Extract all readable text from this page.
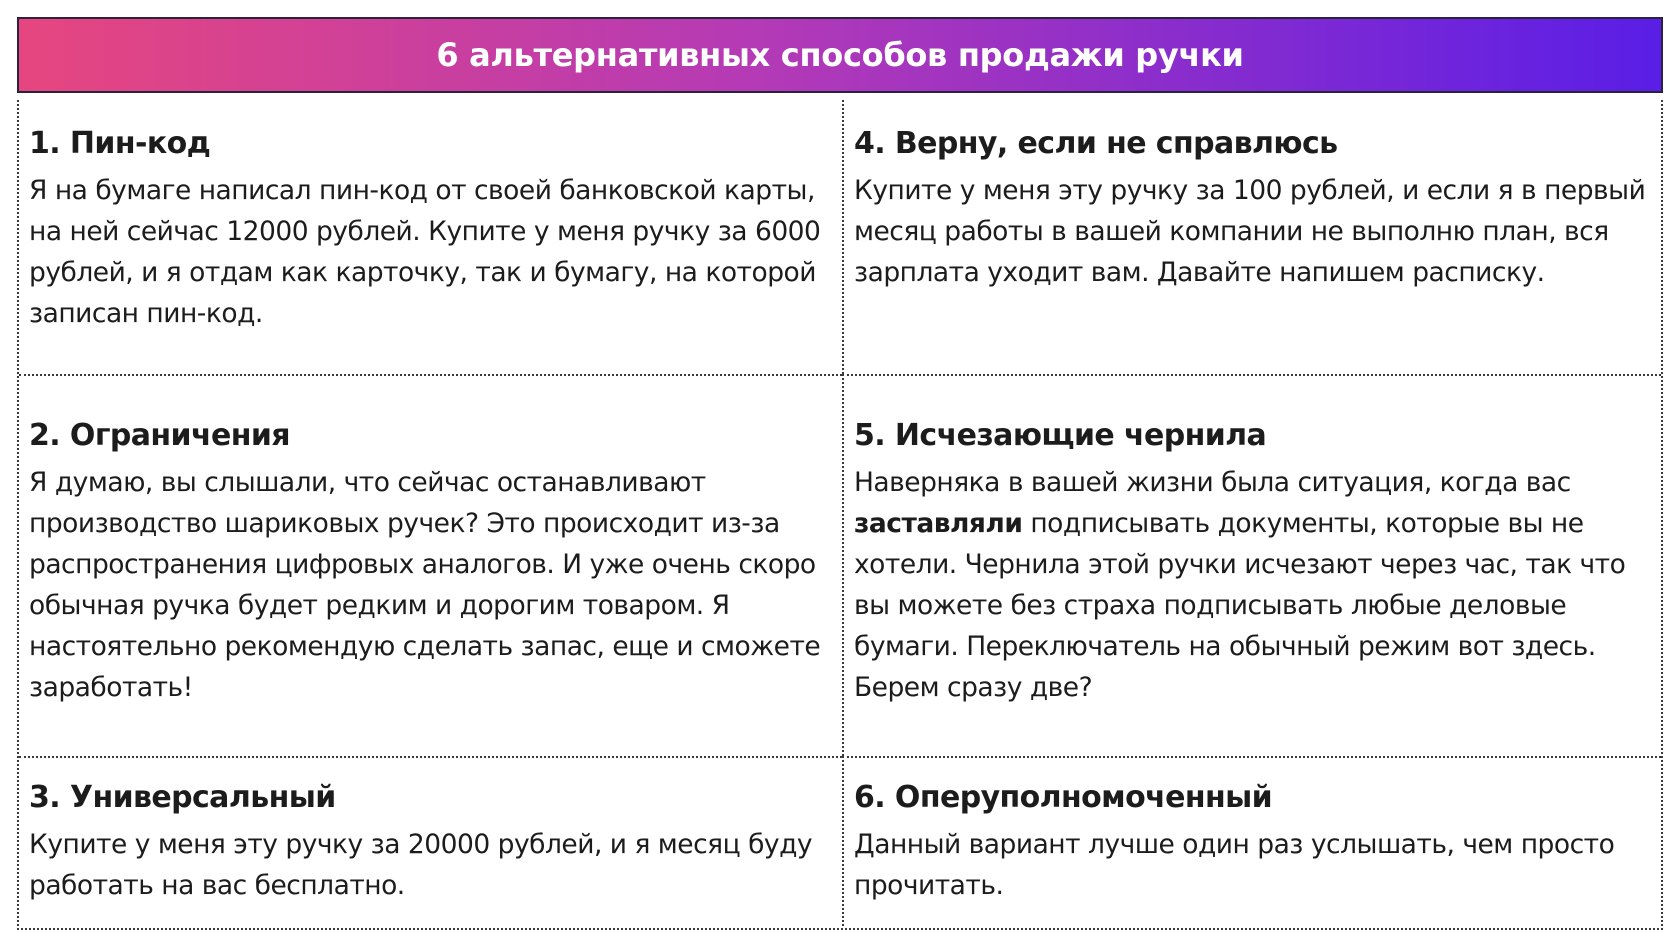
6 альтернативных способов продажи ручки
1. Пин-код

Я на бумаге написал пин-код от своей банковской карты, на ней сейчас 12000 рублей. Купите у меня ручку за 6000 рублей, и я отдам как карточку, так и бумагу, на которой записан пин-код.

4. Верну, если не справлюсь

Купите у меня эту ручку за 100 рублей, и если я в первый месяц работы в вашей компании не выполню план, вся зарплата уходит вам. Давайте напишем расписку.

2. Ограничения

Я думаю, вы слышали, что сейчас останавливают производство шариковых ручек? Это происходит из-за распространения цифровых аналогов. И уже очень скоро обычная ручка будет редким и дорогим товаром. Я настоятельно рекомендую сделать запас, еще и сможете заработать!

5. Исчезающие чернила

Наверняка в вашей жизни была ситуация, когда вас заставляли подписывать документы, которые вы не хотели. Чернила этой ручки исчезают через час, так что вы можете без страха подписывать любые деловые бумаги. Переключатель на обычный режим вот здесь. Берем сразу две?

3. Универсальный

Купите у меня эту ручку за 20000 рублей, и я месяц буду работать на вас бесплатно.

6. Оперуполномоченный

Данный вариант лучше один раз услышать, чем просто прочитать.
